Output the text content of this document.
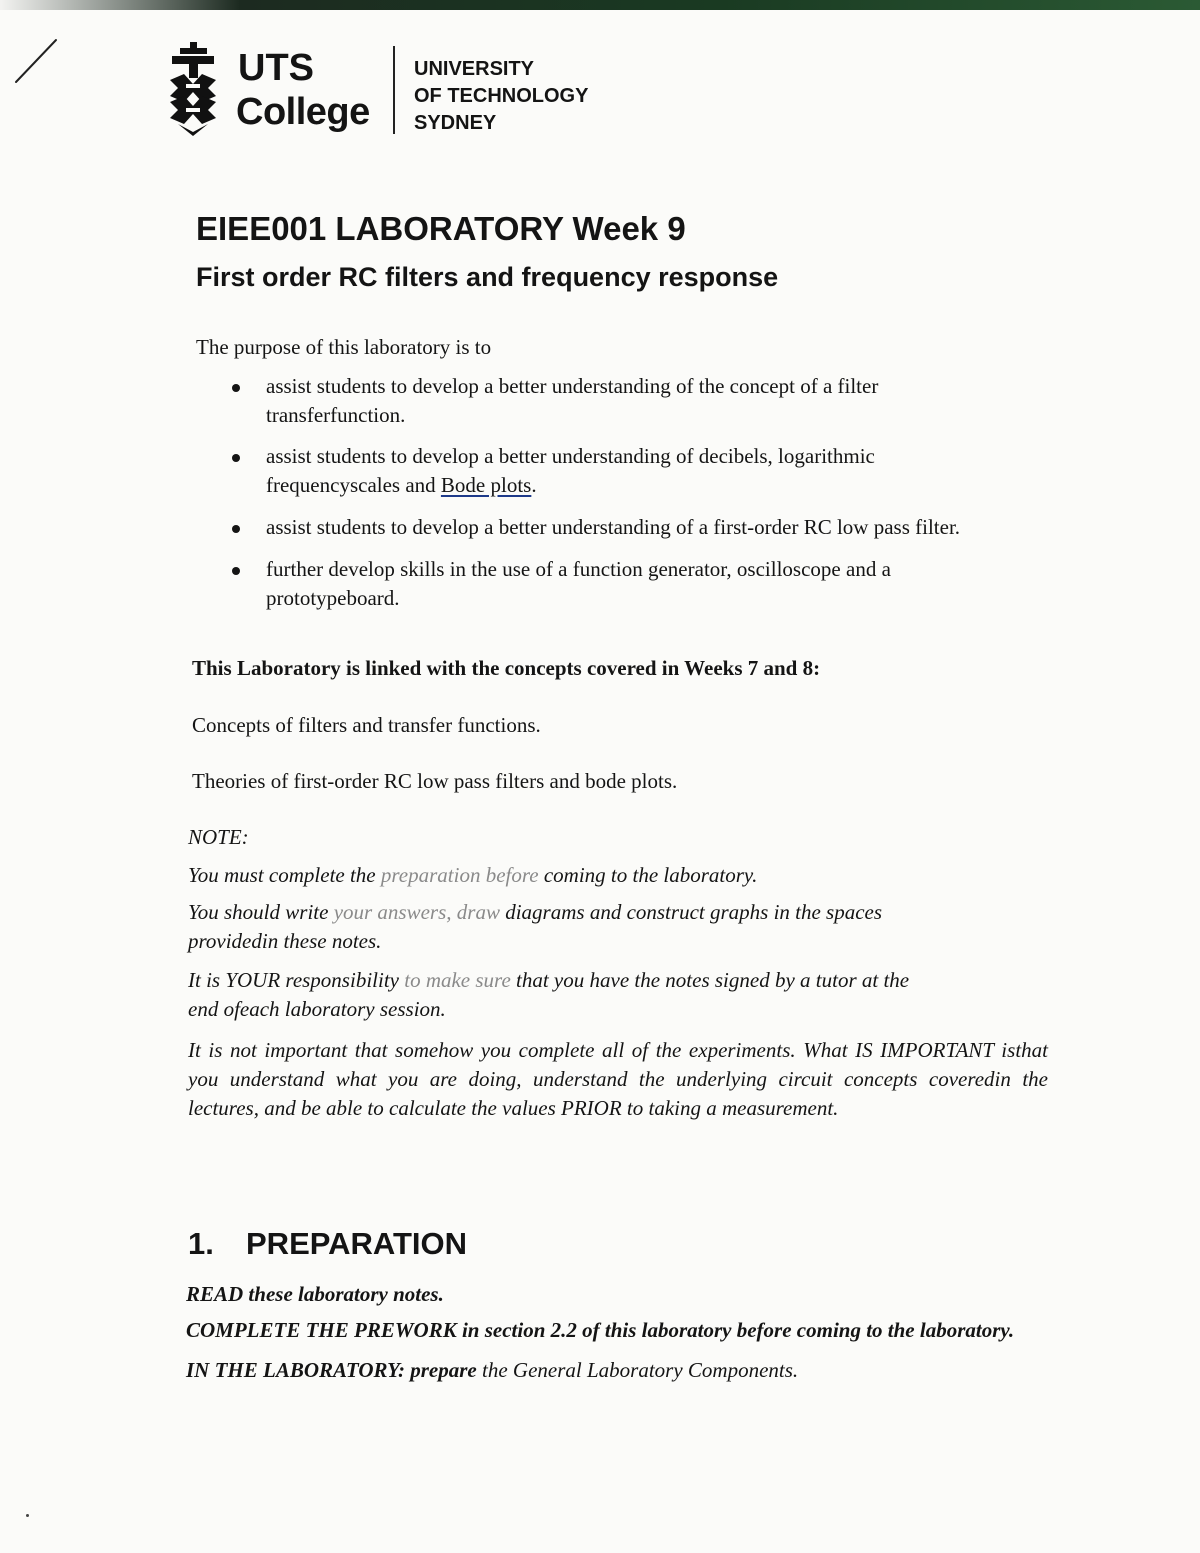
UTS
College
UNIVERSITY
OF TECHNOLOGY
SYDNEY
EIEE001 LABORATORY Week 9
First order RC filters and frequency response
The purpose of this laboratory is to
assist students to develop a better understanding of the concept of a filter
transferfunction.
assist students to develop a better understanding of decibels, logarithmic
frequencyscales and Bode plots.
assist students to develop a better understanding of a first-order RC low pass filter.
further develop skills in the use of a function generator, oscilloscope and a
prototypeboard.
This Laboratory is linked with the concepts covered in Weeks 7 and 8:
Concepts of filters and transfer functions.
Theories of first-order RC low pass filters and bode plots.
NOTE:
You must complete the preparation before coming to the laboratory.
You should write your answers, draw diagrams and construct graphs in the spaces
providedin these notes.
It is YOUR responsibility to make sure that you have the notes signed by a tutor at the
end ofeach laboratory session.
It is not important that somehow you complete all of the experiments. What IS IMPORTANT isthat you understand what you are doing, understand the underlying circuit concepts coveredin the lectures, and be able to calculate the values PRIOR to taking a measurement.
1. PREPARATION
READ these laboratory notes.
COMPLETE THE PREWORK in section 2.2 of this laboratory before coming to the laboratory.
IN THE LABORATORY: prepare the General Laboratory Components.
